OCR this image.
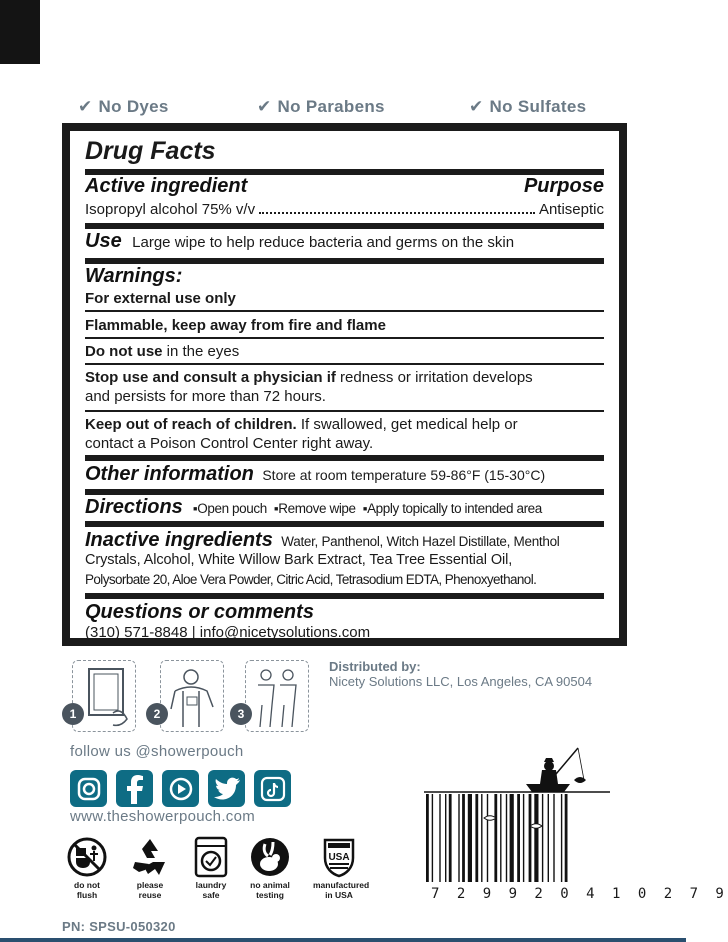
✔ No Dyes	✔ No Parabens	✔ No Sulfates
Drug Facts
Active ingredient	Purpose
Isopropyl alcohol 75% v/v	Antiseptic
Use Large wipe to help reduce bacteria and germs on the skin
Warnings:
For external use only
Flammable, keep away from fire and flame
Do not use in the eyes
Stop use and consult a physician if redness or irritation develops
and persists for more than 72 hours.
Keep out of reach of children. If swallowed, get medical help or
contact a Poison Control Center right away.
Other information Store at room temperature 59-86°F (15-30°C)
Directions ▪Open pouch ▪Remove wipe ▪Apply topically to intended area
Inactive ingredients Water, Panthenol, Witch Hazel Distillate, Menthol
Crystals, Alcohol, White Willow Bark Extract, Tea Tree Essential Oil,
Polysorbate 20, Aloe Vera Powder, Citric Acid, Tetrasodium EDTA, Phenoxyethanol.
Questions or comments
(310) 571-8848 | info@nicetysolutions.com
1	2	3
Distributed by:
Nicety Solutions LLC, Los Angeles, CA 90504
follow us @showerpouch
www.theshowerpouch.com
do not
flush
please
reuse
laundry
safe
no animal
testing
USA
manufactured
in USA	7 2 9 9 2 0 4 1 0 2 7 9
PN: SPSU-050320
